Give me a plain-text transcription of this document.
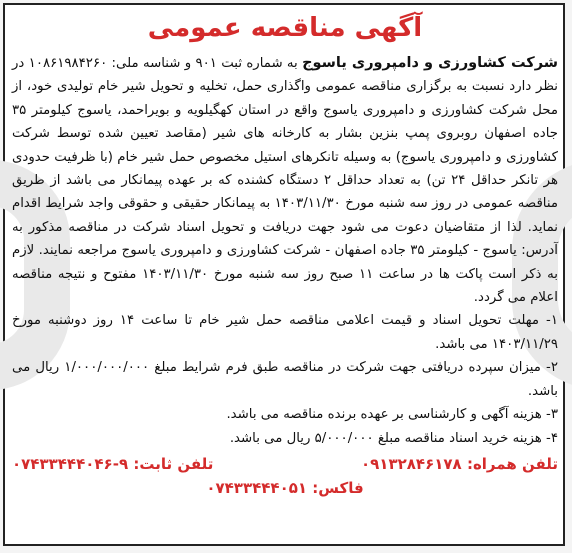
آگهی مناقصه عمومی

شرکت کشاورزی و دامپروری یاسوج به شماره ثبت ۹۰۱ و شناسه ملی: ۱۰۸۶۱۹۸۴۲۶۰ در نظر دارد نسبت به برگزاری مناقصه عمومی واگذاری حمل، تخلیه و تحویل شیر خام تولیدی خود، از محل شرکت کشاورزی و دامپروری یاسوج واقع در استان کهگیلویه و بویراحمد، یاسوج کیلومتر ۳۵ جاده اصفهان روبروی پمپ بنزین بشار به کارخانه های شیر (مقاصد تعیین شده توسط شرکت کشاورزی و دامپروری یاسوج) به وسیله تانکرهای استیل مخصوص حمل شیر خام (با ظرفیت حدودی هر تانکر حداقل ۲۴ تن) به تعداد حداقل ۲ دستگاه کشنده که بر عهده پیمانکار می باشد از طریق مناقصه عمومی در روز سه شنبه مورخ ۱۴۰۳/۱۱/۳۰ به پیمانکار حقیقی و حقوقی واجد شرایط اقدام نماید. لذا از متقاضیان دعوت می شود جهت دریافت و تحویل اسناد شرکت در مناقصه مذکور به آدرس: یاسوج - کیلومتر ۳۵ جاده اصفهان - شرکت کشاورزی و دامپروری یاسوج مراجعه نمایند. لازم به ذکر است پاکت ها در ساعت ۱۱ صبح روز سه شنبه مورخ ۱۴۰۳/۱۱/۳۰ مفتوح و نتیجه مناقصه اعلام می گردد.

۱- مهلت تحویل اسناد و قیمت اعلامی مناقصه حمل شیر خام تا ساعت ۱۴ روز دوشنبه مورخ ۱۴۰۳/۱۱/۲۹ می باشد.
۲- میزان سپرده دریافتی جهت شرکت در مناقصه طبق فرم شرایط مبلغ ۱/۰۰۰/۰۰۰/۰۰۰ ریال می باشد.
۳- هزینه آگهی و کارشناسی بر عهده برنده مناقصه می باشد.
۴- هزینه خرید اسناد مناقصه مبلغ ۵/۰۰۰/۰۰۰ ریال می باشد.
تلفن همراه: ۰۹۱۳۲۸۴۶۱۷۸
تلفن ثابت: ۹-۰۷۴۳۳۴۴۴۰۴۶
فاکس: ۰۷۴۳۳۴۴۴۰۵۱
